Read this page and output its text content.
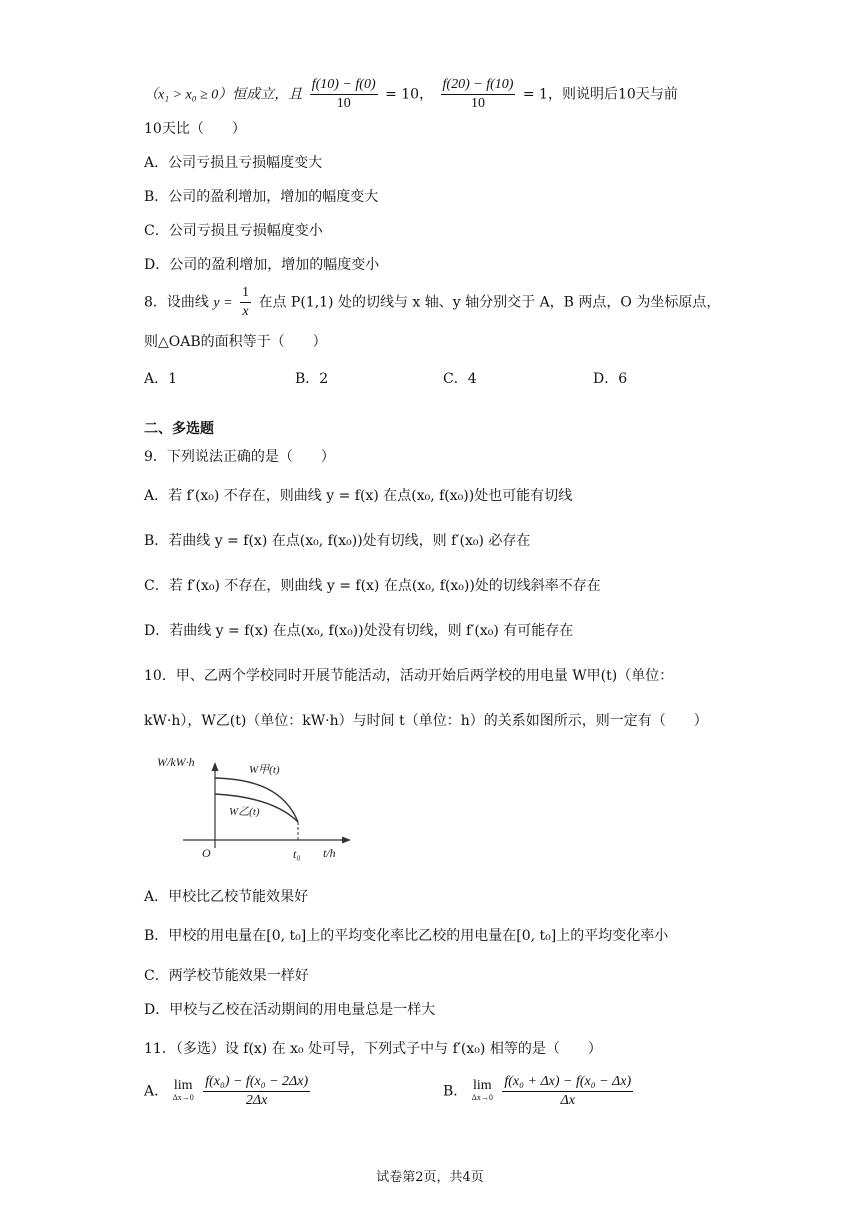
（x₁ > x₀ ≥ 0）恒成立，且 $\frac{f(10) - f(0)}{10} = 10$， $\frac{f(20) - f(10)}{10} = 1$，则说明后10天与前
10天比（　　）
A．公司亏损且亏损幅度变大
B．公司的盈利增加，增加的幅度变大
C．公司亏损且亏损幅度变小
D．公司的盈利增加，增加的幅度变小
8．设曲线 $y = \frac{1}{x}$ 在点 P(1,1) 处的切线与 x 轴、y 轴分别交于 A，B 两点，O 为坐标原点，
则△OAB的面积等于（　　）
A．1	B．2	C．4	D．6
二、多选题
9．下列说法正确的是（　　）
A．若 f′(x₀) 不存在，则曲线 y = f(x) 在点(x₀, f(x₀))处也可能有切线
B．若曲线 y = f(x) 在点(x₀, f(x₀))处有切线，则 f′(x₀) 必存在
C．若 f′(x₀) 不存在，则曲线 y = f(x) 在点(x₀, f(x₀))处的切线斜率不存在
D．若曲线 y = f(x) 在点(x₀, f(x₀))处没有切线，则 f′(x₀) 有可能存在
10．甲、乙两个学校同时开展节能活动，活动开始后两学校的用电量 W甲(t)（单位：
kW·h），W乙(t)（单位：kW·h）与时间 t（单位：h）的关系如图所示，则一定有（　　）
W/kW·h
t/h
O	t₀
W甲(t)
W乙(t)
A．甲校比乙校节能效果好
B．甲校的用电量在[0, t₀]上的平均变化率比乙校的用电量在[0, t₀]上的平均变化率小
C．两学校节能效果一样好
D．甲校与乙校在活动期间的用电量总是一样大
11．（多选）设 f(x) 在 x₀ 处可导，下列式子中与 f′(x₀) 相等的是（　　）
A． lim
Δx→0
$\frac{\text{f(x₀) − f(x₀ − 2Δx)}}{2\Delta x}$	B． lim
Δx→0
$\frac{\text{f(x₀ + Δx) − f(x₀ − Δx)}}{\Delta x}$
试卷第2页，共4页
